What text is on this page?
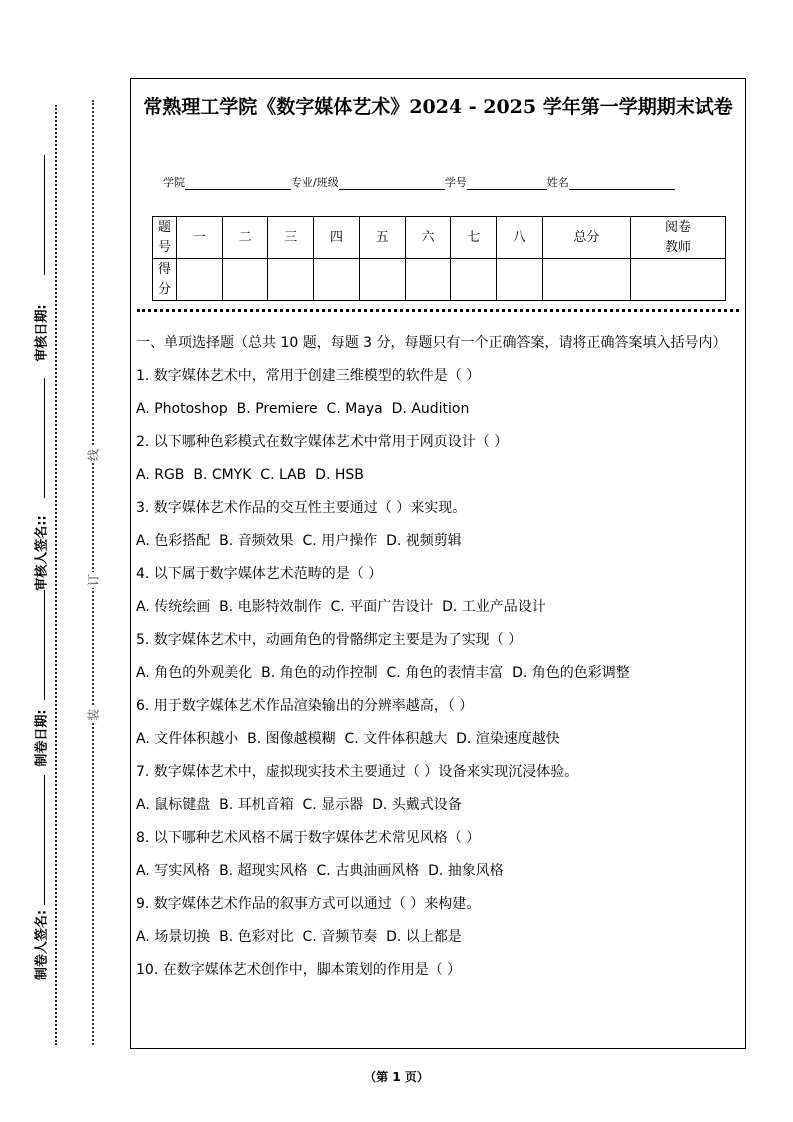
审核日期:
审核人签名::
制卷日期:
制卷人签名:
线
订
装
常熟理工学院《数字媒体艺术》2024 - 2025 学年第一学期期末试卷
学院	专业/班级	学号	姓名
题号	一	二	三	四	五	六	七	八	总分	阅卷教师
得分										
一、单项选择题（总共 10 题，每题 3 分，每题只有一个正确答案，请将正确答案填入括号内）

1. 数字媒体艺术中，常用于创建三维模型的软件是（ ）

A. Photoshop  B. Premiere  C. Maya  D. Audition

2. 以下哪种色彩模式在数字媒体艺术中常用于网页设计（ ）

A. RGB  B. CMYK  C. LAB  D. HSB

3. 数字媒体艺术作品的交互性主要通过（ ）来实现。

A. 色彩搭配  B. 音频效果  C. 用户操作  D. 视频剪辑

4. 以下属于数字媒体艺术范畴的是（ ）

A. 传统绘画  B. 电影特效制作  C. 平面广告设计  D. 工业产品设计

5. 数字媒体艺术中，动画角色的骨骼绑定主要是为了实现（ ）

A. 角色的外观美化  B. 角色的动作控制  C. 角色的表情丰富  D. 角色的色彩调整

6. 用于数字媒体艺术作品渲染输出的分辨率越高，（ ）

A. 文件体积越小  B. 图像越模糊  C. 文件体积越大  D. 渲染速度越快

7. 数字媒体艺术中，虚拟现实技术主要通过（ ）设备来实现沉浸体验。

A. 鼠标键盘  B. 耳机音箱  C. 显示器  D. 头戴式设备

8. 以下哪种艺术风格不属于数字媒体艺术常见风格（ ）

A. 写实风格  B. 超现实风格  C. 古典油画风格  D. 抽象风格

9. 数字媒体艺术作品的叙事方式可以通过（ ）来构建。

A. 场景切换  B. 色彩对比  C. 音频节奏  D. 以上都是

10. 在数字媒体艺术创作中，脚本策划的作用是（ ）

（第 1 页）
